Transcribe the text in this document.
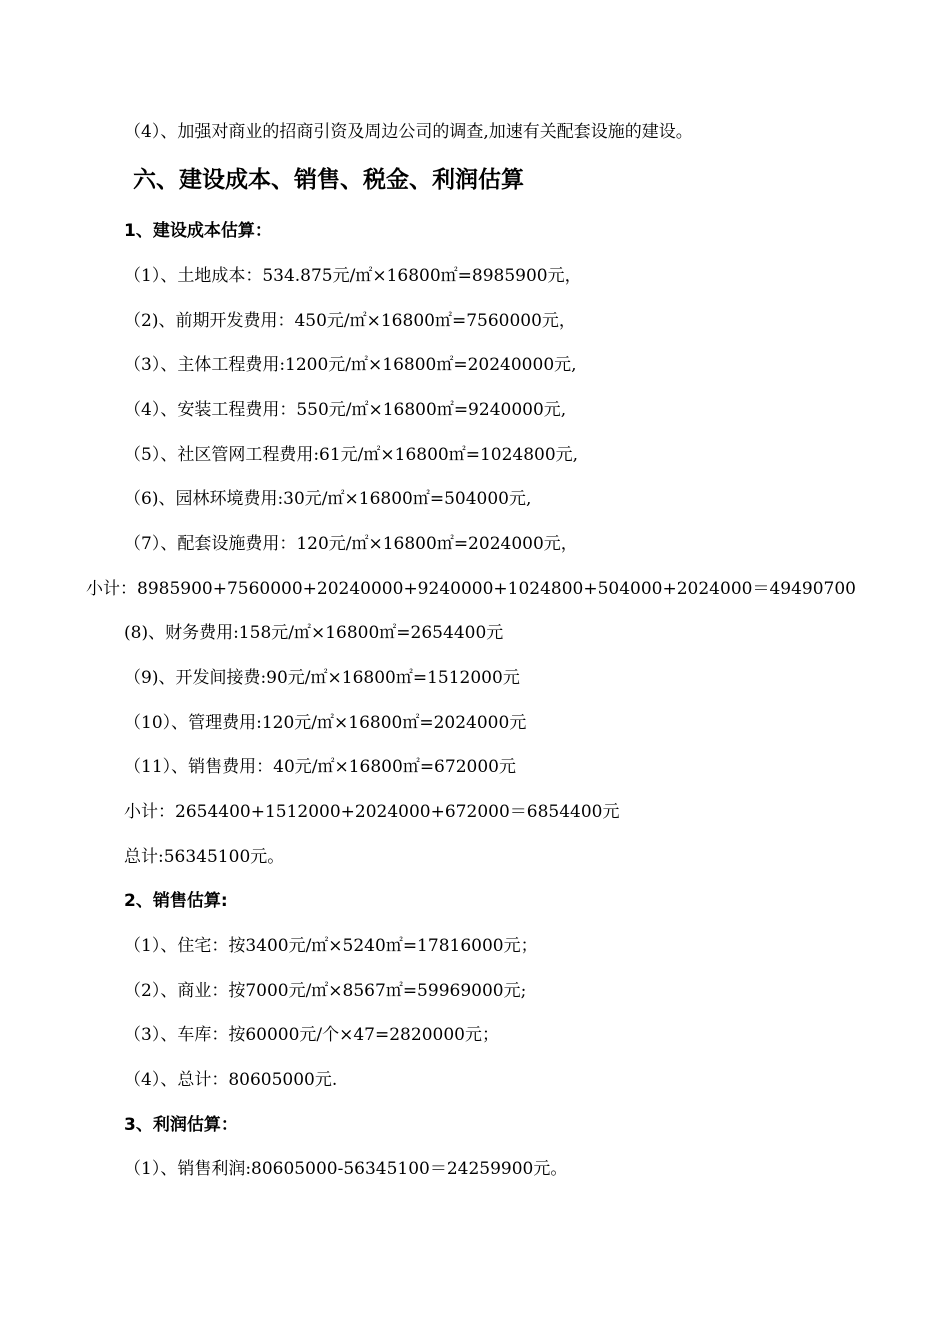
（4）、加强对商业的招商引资及周边公司的调查,加速有关配套设施的建设。
六、建设成本、销售、税金、利润估算
1、建设成本估算：
（1）、土地成本：534.875元/㎡×16800㎡=8985900元，
（2)、前期开发费用：450元/㎡×16800㎡=7560000元，
（3）、主体工程费用:1200元/㎡×16800㎡=20240000元,
（4）、安装工程费用：550元/㎡×16800㎡=9240000元,
（5）、社区管网工程费用:61元/㎡×16800㎡=1024800元,
（6)、园林环境费用:30元/㎡×16800㎡=504000元,
（7）、配套设施费用：120元/㎡×16800㎡=2024000元，
小计：8985900+7560000+20240000+9240000+1024800+504000+2024000＝49490700
(8)、财务费用:158元/㎡×16800㎡=2654400元
（9)、开发间接费:90元/㎡×16800㎡=1512000元
（10）、管理费用:120元/㎡×16800㎡=2024000元
（11）、销售费用：40元/㎡×16800㎡=672000元
小计：2654400+1512000+2024000+672000＝6854400元
总计:56345100元。
2、销售估算:
（1）、住宅：按3400元/㎡×5240㎡=17816000元；
（2）、商业：按7000元/㎡×8567㎡=59969000元;
（3）、车库：按60000元/个×47=2820000元；
（4）、总计：80605000元.
3、利润估算：
（1）、销售利润:80605000-56345100＝24259900元。
